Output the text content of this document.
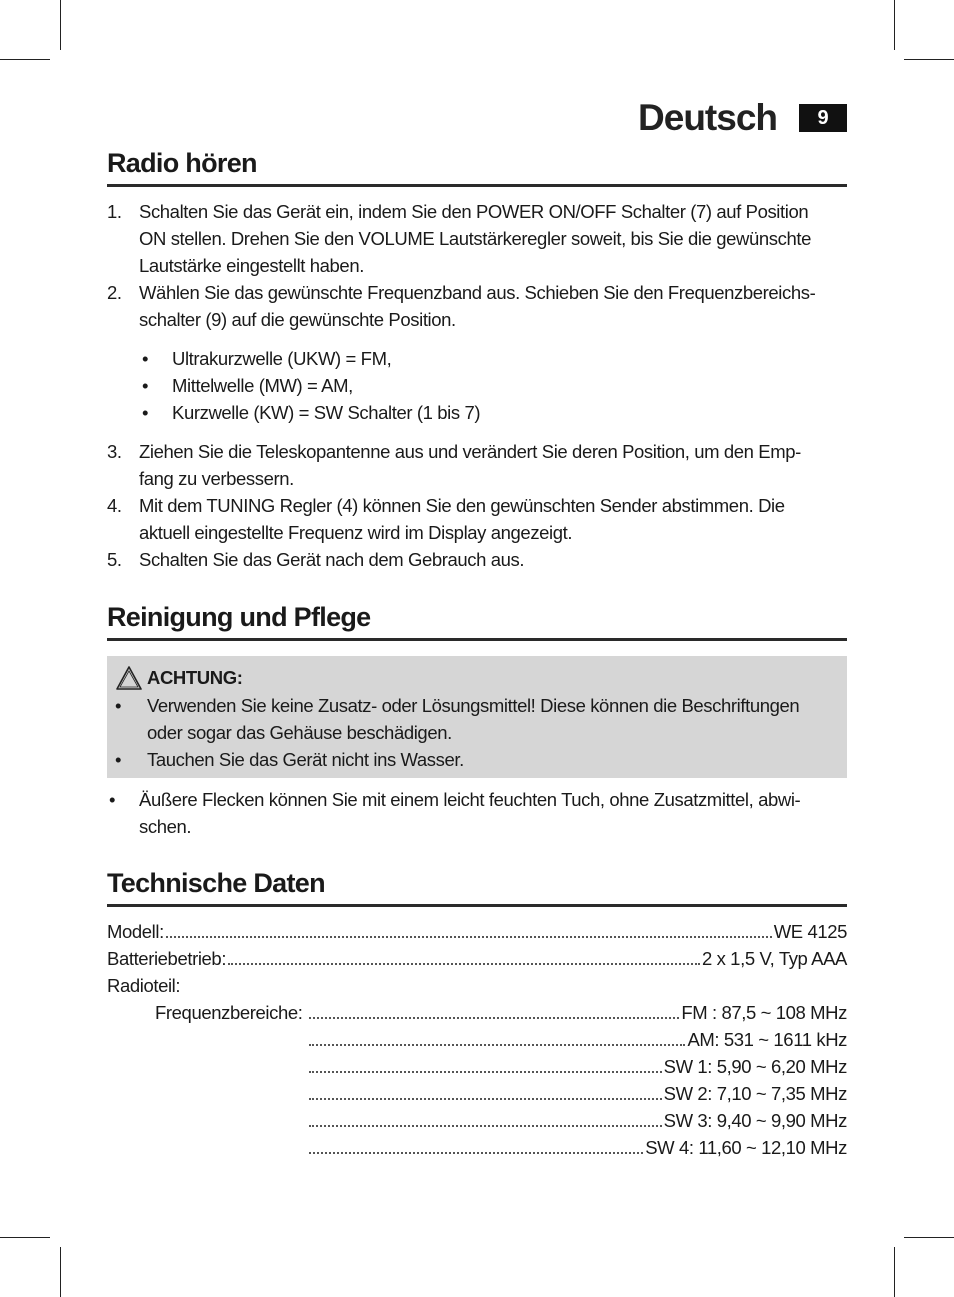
Deutsch	9
Radio hören
1. Schalten Sie das Gerät ein, indem Sie den POWER ON/OFF Schalter (7) auf Position
ON stellen. Drehen Sie den VOLUME Lautstärkeregler soweit, bis Sie die gewünschte
Lautstärke eingestellt haben.
2. Wählen Sie das gewünschte Frequenzband aus. Schieben Sie den Frequenzbereichs-
schalter (9) auf die gewünschte Position.
• Ultrakurzwelle (UKW) = FM,
• Mittelwelle (MW) = AM,
• Kurzwelle (KW) = SW Schalter (1 bis 7)
3. Ziehen Sie die Teleskopantenne aus und verändert Sie deren Position, um den Emp-
fang zu verbessern.
4. Mit dem TUNING Regler (4) können Sie den gewünschten Sender abstimmen. Die
aktuell eingestellte Frequenz wird im Display angezeigt.
5. Schalten Sie das Gerät nach dem Gebrauch aus.
Reinigung und Pflege
ACHTUNG:
• Verwenden Sie keine Zusatz- oder Lösungsmittel! Diese können die Beschriftungen
oder sogar das Gehäuse beschädigen.
• Tauchen Sie das Gerät nicht ins Wasser.
• Äußere Flecken können Sie mit einem leicht feuchten Tuch, ohne Zusatzmittel, abwi-
schen.
Technische Daten
Modell:	WE 4125
Batteriebetrieb:	2 x 1,5 V, Typ AAA
Radioteil:
Frequenzbereiche:	FM : 87,5 ~ 108 MHz
AM: 531 ~ 1611 kHz
SW 1: 5,90 ~ 6,20 MHz
SW 2: 7,10 ~ 7,35 MHz
SW 3: 9,40 ~ 9,90 MHz
SW 4: 11,60 ~ 12,10 MHz
